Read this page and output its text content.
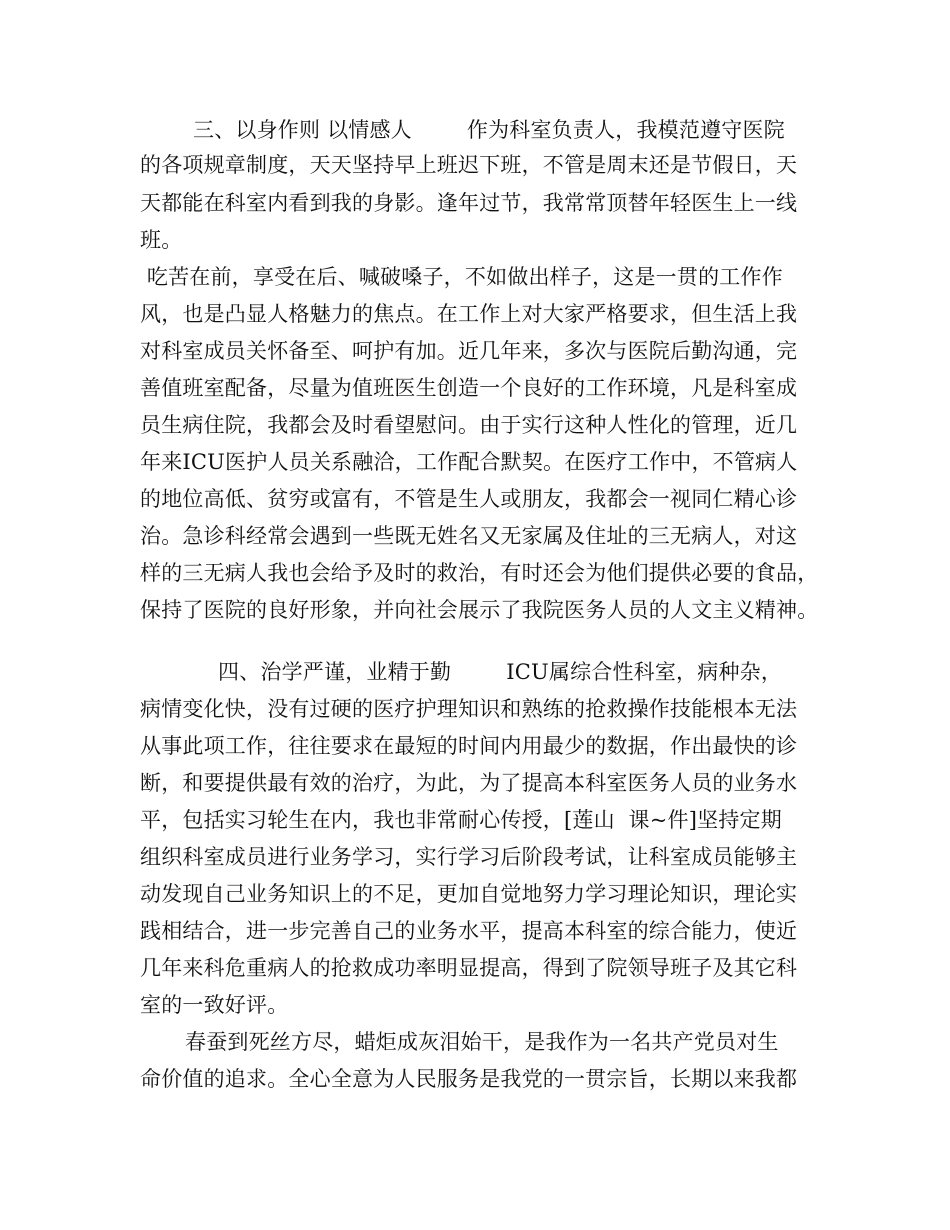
三、以身作则 以情感人        作为科室负责人，我模范遵守医院
的各项规章制度，天天坚持早上班迟下班，不管是周末还是节假日，天
天都能在科室内看到我的身影。逢年过节，我常常顶替年轻医生上一线
班。
吃苦在前，享受在后、喊破嗓子，不如做出样子，这是一贯的工作作
风，也是凸显人格魅力的焦点。在工作上对大家严格要求，但生活上我
对科室成员关怀备至、呵护有加。近几年来，多次与医院后勤沟通，完
善值班室配备，尽量为值班医生创造一个良好的工作环境，凡是科室成
员生病住院，我都会及时看望慰问。由于实行这种人性化的管理，近几
年来ICU医护人员关系融洽，工作配合默契。在医疗工作中，不管病人
的地位高低、贫穷或富有，不管是生人或朋友，我都会一视同仁精心诊
治。急诊科经常会遇到一些既无姓名又无家属及住址的三无病人，对这
样的三无病人我也会给予及时的救治，有时还会为他们提供必要的食品，
保持了医院的良好形象，并向社会展示了我院医务人员的人文主义精神。
四、治学严谨，业精于勤        ICU属综合性科室，病种杂，
病情变化快，没有过硬的医疗护理知识和熟练的抢救操作技能根本无法
从事此项工作，往往要求在最短的时间内用最少的数据，作出最快的诊
断，和要提供最有效的治疗，为此，为了提高本科室医务人员的业务水
平，包括实习轮生在内，我也非常耐心传授，[莲山  课~件]坚持定期
组织科室成员进行业务学习，实行学习后阶段考试，让科室成员能够主
动发现自己业务知识上的不足，更加自觉地努力学习理论知识，理论实
践相结合，进一步完善自己的业务水平，提高本科室的综合能力，使近
几年来科危重病人的抢救成功率明显提高，得到了院领导班子及其它科
室的一致好评。
春蚕到死丝方尽，蜡炬成灰泪始干，是我作为一名共产党员对生
命价值的追求。全心全意为人民服务是我党的一贯宗旨，长期以来我都
